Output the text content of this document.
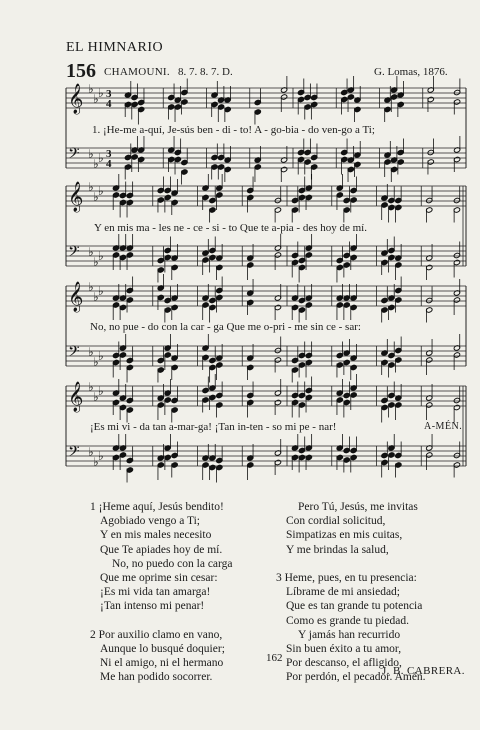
EL HIMNARIO
156 CHAMOUNI. 8. 7. 8. 7. D.	G. Lomas, 1876.
𝄞 ♭
♭ ♭ 3
4
𝄢 ♭
♭ ♭ 3
4
𝄞 ♭
♭ ♭
𝄢 ♭
♭ ♭
𝄞 ♭
♭ ♭
𝄢 ♭
♭ ♭
𝄞 ♭
♭ ♭
𝄢 ♭
♭ ♭
1. ¡He-me a-quí, Je-sús ben - di - to! A - go-bia - do ven-go a Ti;
Y en mis ma - les ne - ce - si - to Que te a-pia - des hoy de mí.
No, no pue - do con la car - ga Que me o-pri - me sin ce - sar:
¡Es mi vi - da tan a-mar-ga! ¡Tan in-ten - so mi pe - nar!	A-MÉN.
1 ¡Heme aquí, Jesús bendito!
Agobiado vengo a Ti;
Y en mis males necesito
Que Te apiades hoy de mí.
No, no puedo con la carga
Que me oprime sin cesar:
¡Es mi vida tan amarga!
¡Tan intenso mi penar!

2 Por auxilio clamo en vano,
Aunque lo busqué doquier;
Ni el amigo, ni el hermano
Me han podido socorrer.
Pero Tú, Jesús, me invitas
Con cordial solicitud,
Simpatizas en mis cuitas,
Y me brindas la salud,

3 Heme, pues, en tu presencia:
Líbrame de mi ansiedad;
Que es tan grande tu potencia
Como es grande tu piedad.
Y jamás han recurrido
Sin buen éxito a tu amor,
Por descanso, el afligido,
Por perdón, el pecador. Amén.
J. B. CABRERA.
162
